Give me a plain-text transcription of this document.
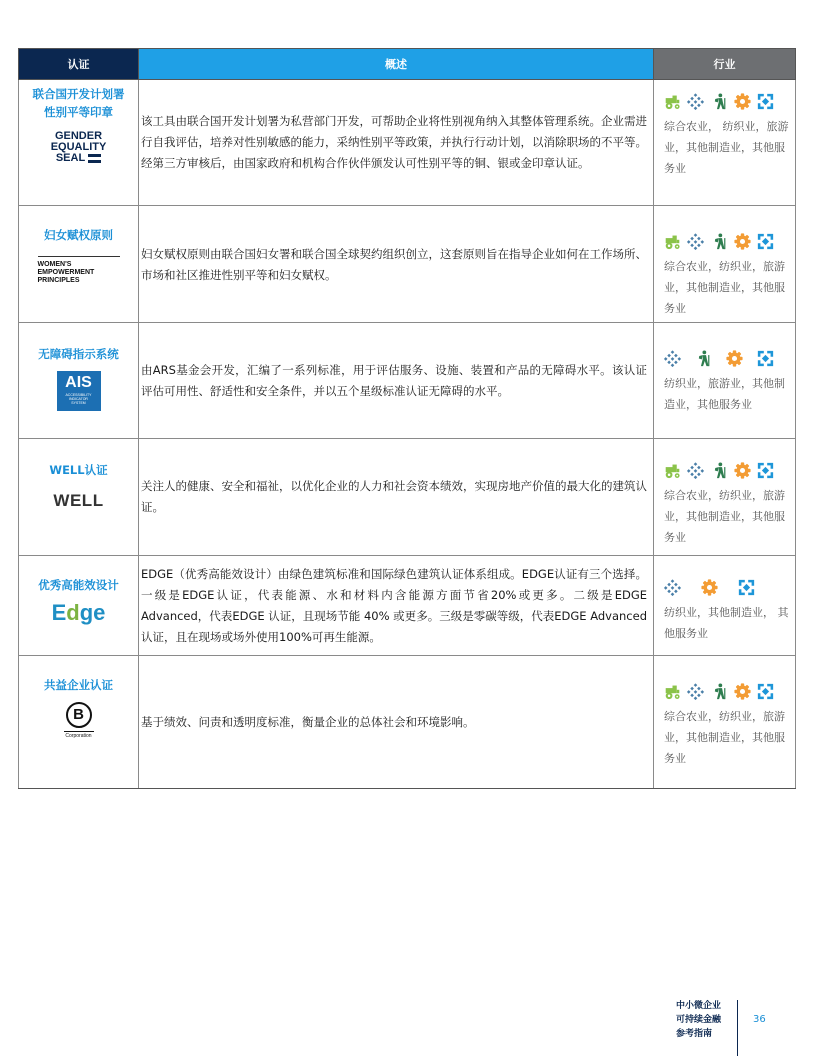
认证	概述	行业

联合国开发计划署
性别平等印章
GENDER
EQUALITY
SEAL	该工具由联合国开发计划署为私营部门开发，可帮助企业将性别视角纳入其整体管理系统。企业需进行自我评估，培养对性别敏感的能力，采纳性别平等政策，并执行行动计划，以消除职场的不平等。经第三方审核后，由国家政府和机构合作伙伴颁发认可性别平等的铜、银或金印章认证。	综合农业， 纺织业，旅游业，其他制造业，其他服务业

妇女赋权原则
WOMEN'S
EMPOWERMENT
PRINCIPLES	妇女赋权原则由联合国妇女署和联合国全球契约组织创立，这套原则旨在指导企业如何在工作场所、市场和社区推进性别平等和妇女赋权。	综合农业，纺织业，旅游业，其他制造业，其他服务业

无障碍指示系统
AIS
ACCESSIBILITY
INDICATOR
SYSTEM	由ARS基金会开发，汇编了一系列标准，用于评估服务、设施、装置和产品的无障碍水平。该认证评估可用性、舒适性和安全条件，并以五个星级标准认证无障碍的水平。	纺织业，旅游业，其他制造业，其他服务业

WELL认证
WELL	关注人的健康、安全和福祉，以优化企业的人力和社会资本绩效，实现房地产价值的最大化的建筑认证。	综合农业，纺织业，旅游业，其他制造业，其他服务业

优秀高能效设计
Edge	EDGE（优秀高能效设计）由绿色建筑标准和国际绿色建筑认证体系组成。EDGE认证有三个选择。一级是EDGE认证，代表能源、水和材料内含能源方面节省20%或更多。二级是EDGE Advanced，代表EDGE 认证，且现场节能 40% 或更多。三级是零碳等级，代表EDGE Advanced认证，且在现场或场外使用100%可再生能源。	纺织业，其他制造业， 其他服务业

共益企业认证
B
Corporation	基于绩效、问责和透明度标准，衡量企业的总体社会和环境影响。	综合农业，纺织业，旅游业，其他制造业，其他服务业
中小微企业
可持续金融
参考指南
36
